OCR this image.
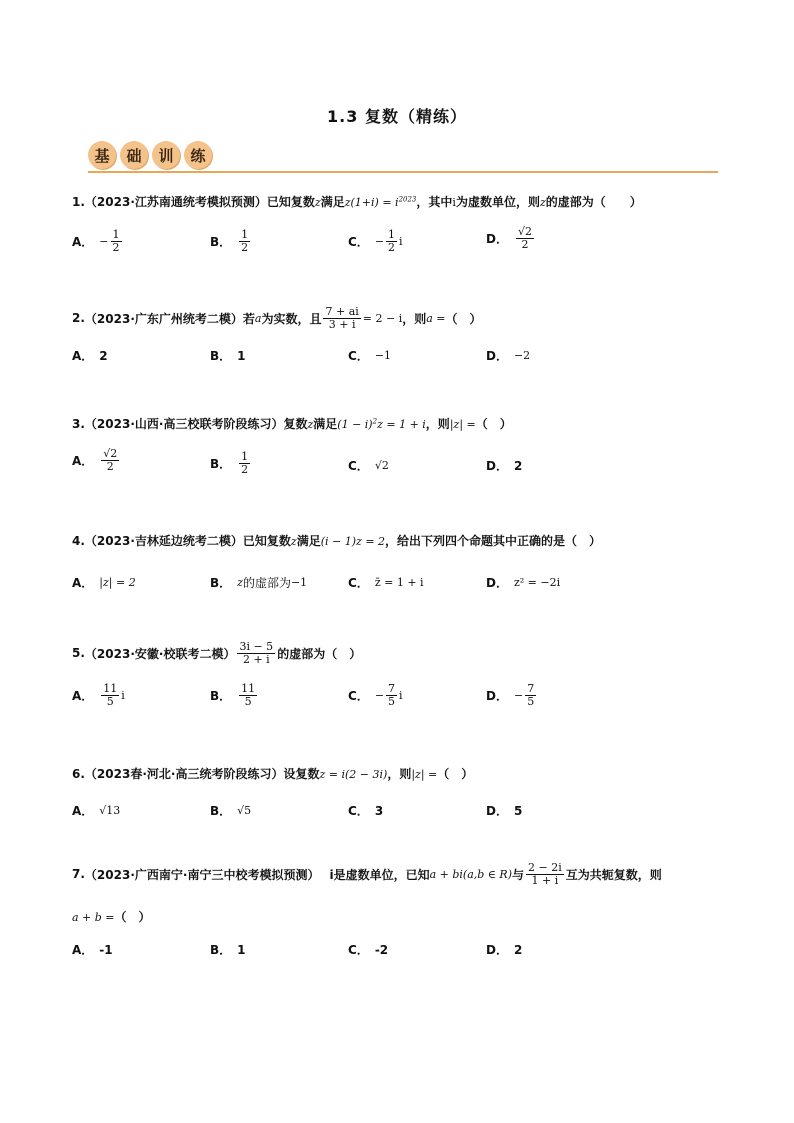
1.3 复数（精练）
基	础	训	练
1.（2023·江苏南通统考模拟预测）已知复数z满足$z(1+i) = i^{2023}$，其中i为虚数单位，则z的虚部为（　　）
A． − $\frac{1}{2}$	B． $\frac{1}{2}$	C． − $\frac{1}{2}$ i	D． $\frac{√2}{2}$
2. （2023·广东广州统考二模） 若 a 为实数，且 $\frac{7 + ai}{3 + i} = 2 - i$ ，则 a = （　）
A． 2	B． 1	C． −1	D． −2
3.（2023·山西·高三校联考阶段练习）复数z满足$(1 - i)^2z = 1 + i$，则|z| =（　）
A． $\frac{√2}{2}$	B． $\frac{1}{2}$	C． √2	D． 2
4.（2023·吉林延边统考二模）已知复数z满足(i − 1)z = 2，给出下列四个命题其中正确的是（　）
A． |z| = 2	B． z 的虚部为 −1	C． z̄ = 1 + i	D． z² = −2i
5. （2023·安徽·校联考二模） $\frac{3i - 5}{2 + i}$ 的虚部为（　）
A． $\frac{11}{5}$ i	B． $\frac{11}{5}$	C． − $\frac{7}{5}$ i	D． − $\frac{7}{5}$
6.（2023春·河北·高三统考阶段练习）设复数z = i(2 − 3i)，则|z| =（　）
A． √13	B． √5	C． 3	D． 5
7. （2023·广西南宁·南宁三中校考模拟预测） i是虚数单位，已知 a + bi(a,b ∈ R) 与 $\frac{2 - 2i}{1 + i}$ 互为共轭复数，则
a + b =（　）
A． -1	B． 1	C． -2	D． 2
